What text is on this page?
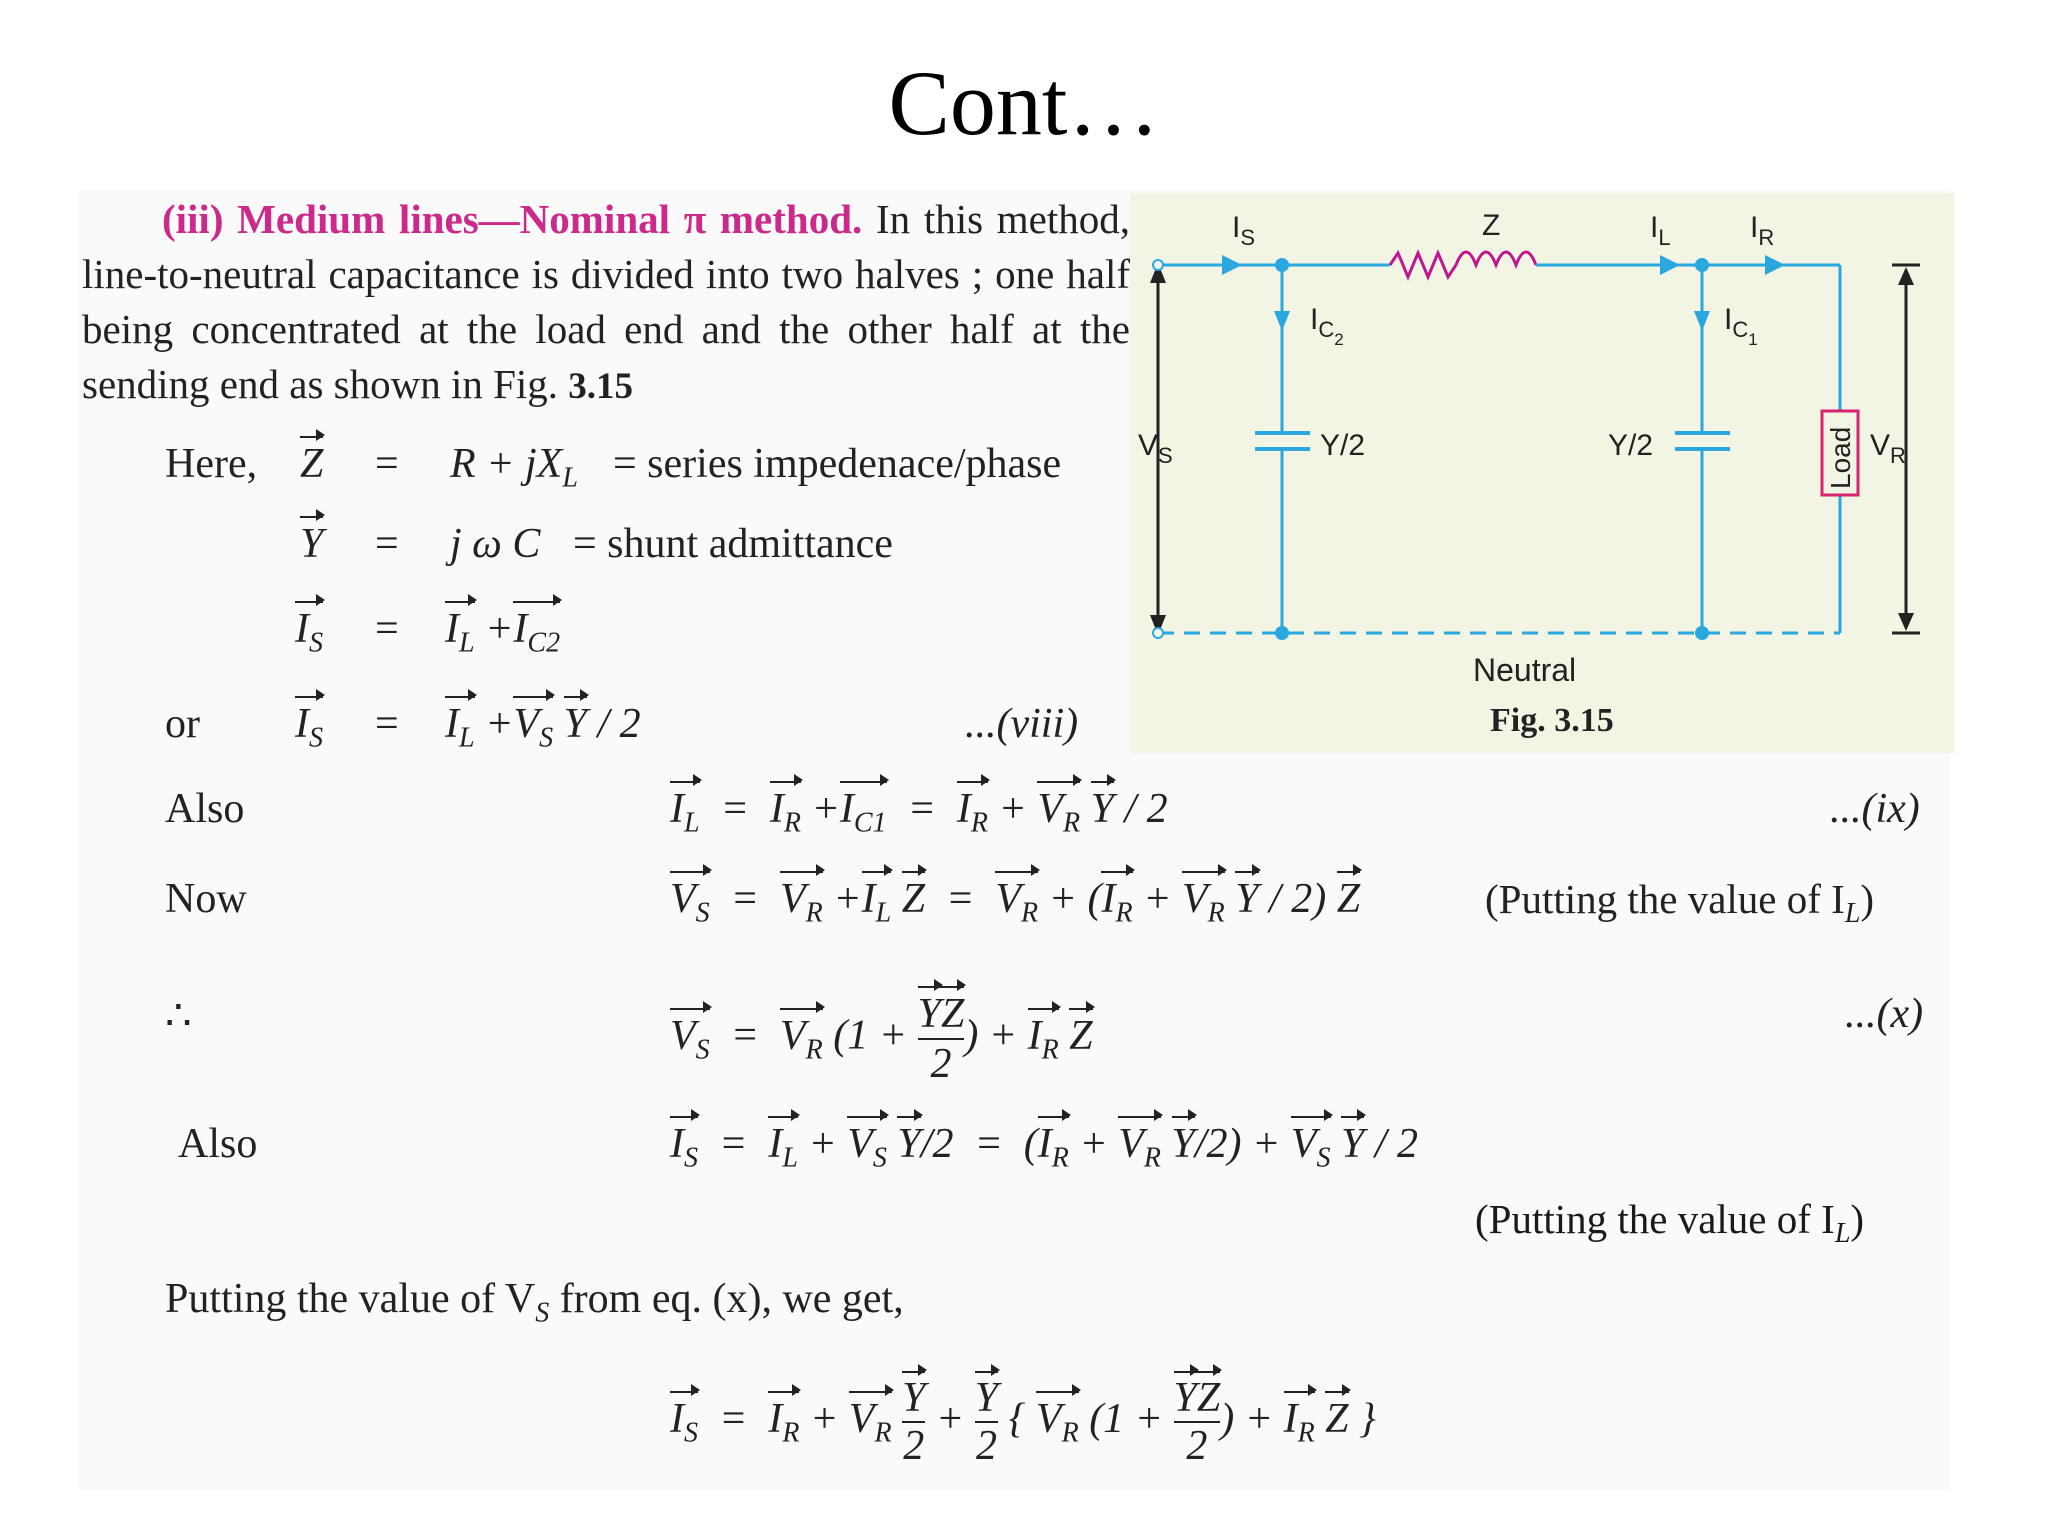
Cont…
(iii) Medium lines—Nominal π method. In this method, line-to-neutral capacitance is divided into two halves ; one half being concentrated at the load end and the other half at the sending end as shown in Fig. 3.15
Here, $Z = R + jX_L$ = series impedenace/phase
Y = j ω C = shunt admittance
$I_S = I_L +I_{C2}$
or $I_S = I_L +V_S$ Y / 2	...(viii)
Also	$I_L = I_R +I_{C1} = I_R + V_R$ Y / 2	...(ix)
Now	$V_S = V_R +I_L$ $Z = V_R + (I_R + V_R$ Y / 2) Z	(Putting the value of $I_L$)
∴	$V_S = V_R$ ($1 + \frac{YZ}{2}$ ) + $I_R$ Z	...(x)
Also	$I_S = I_L + V_S$ $Y/2 = (I_R + V_R$ $Y/2) + V_S$ Y / 2
(Putting the value of $I_L$)
Putting the value of $V_S$ from eq. (x), we get,
$I_S = I_R + V_R \frac{Y}{2} + \frac{Y}{2}$ { $V_R$ ($1 + \frac{YZ}{2}$ ) + $I_R$ Z }
$I_S$	Z	$I_L$	$I_R$
$I_{C2}$
$I_{C1}$
$V_S$	$V_R$
Y/2	Y/2	Load
Neutral
Fig. 3.15
